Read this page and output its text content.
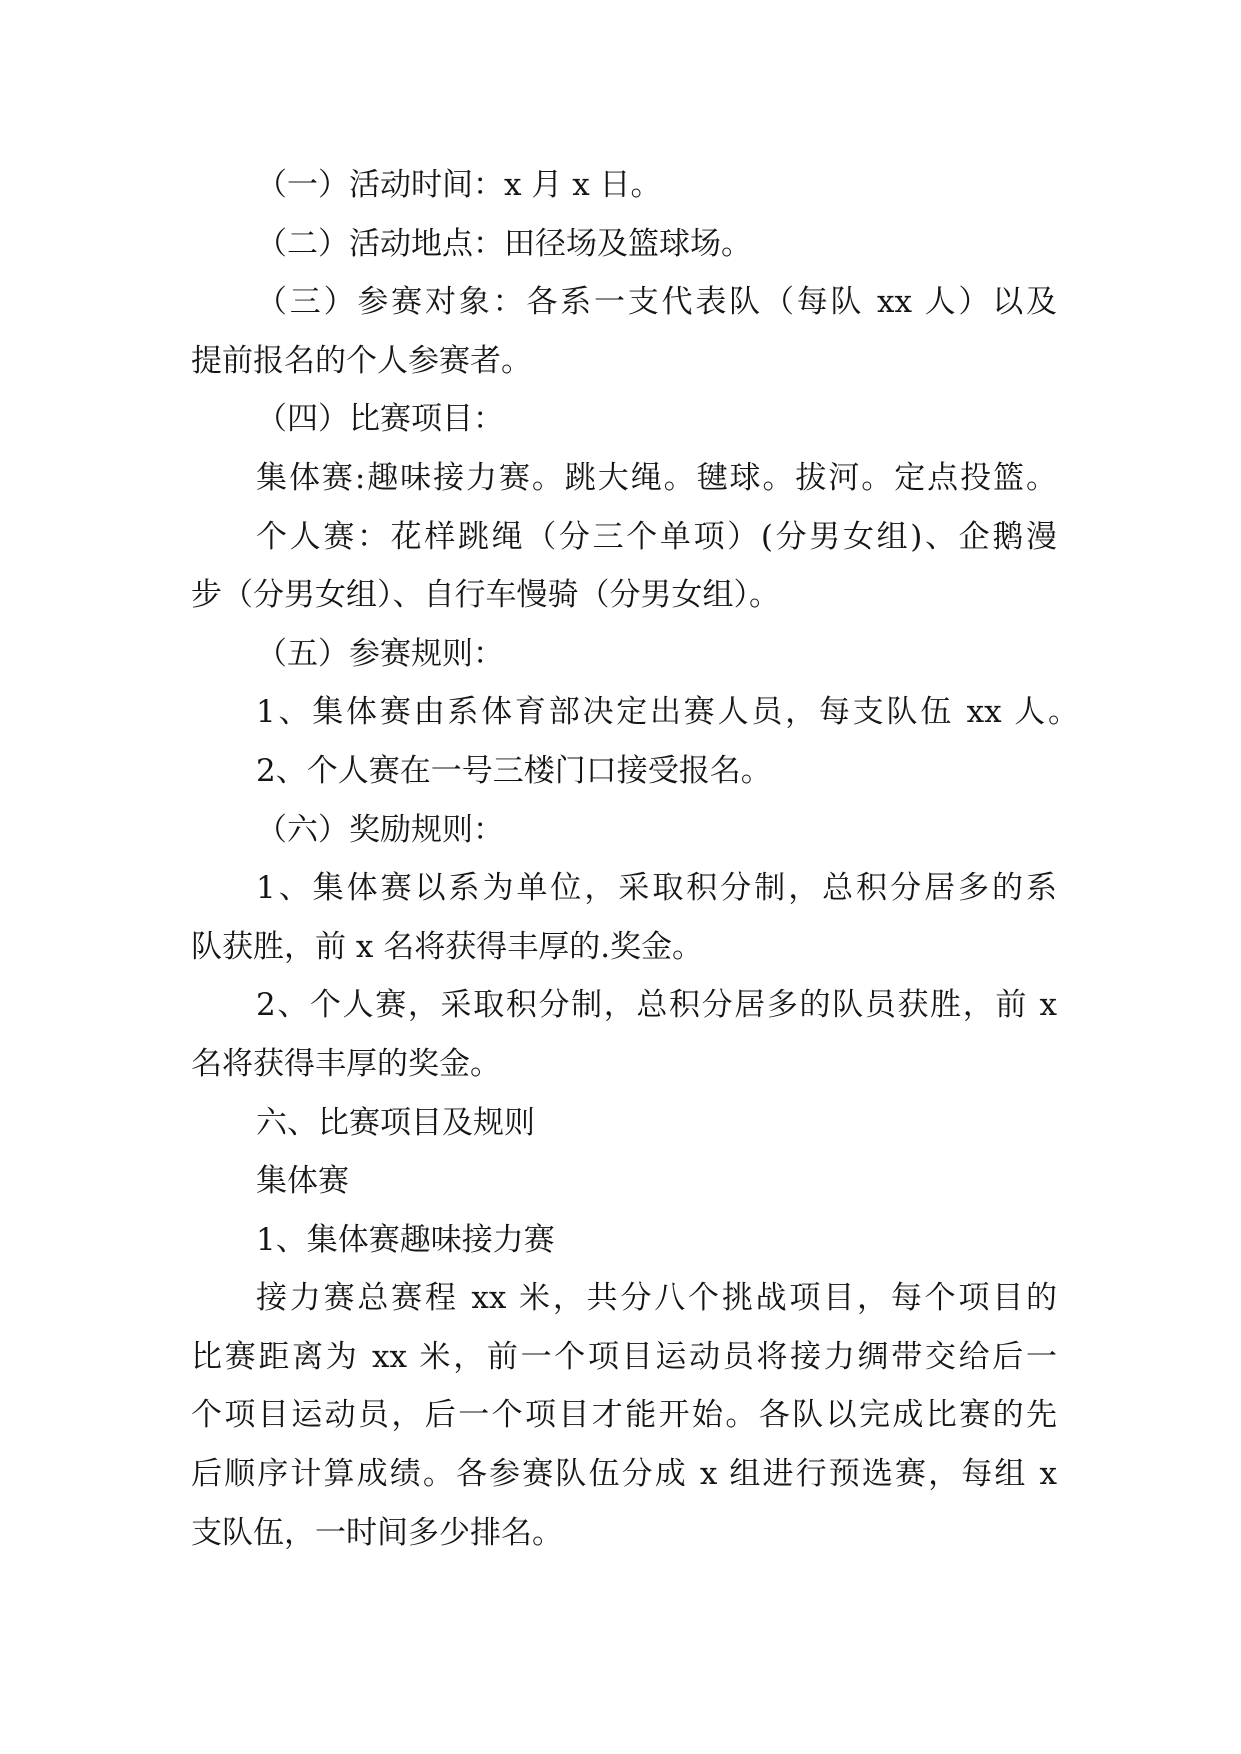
（一）活动时间：x 月 x 日。
（二）活动地点：田径场及篮球场。
（三）参赛对象：各系一支代表队（每队 xx 人）以及
提前报名的个人参赛者。
（四）比赛项目：
集体赛:趣味接力赛。跳大绳。毽球。拔河。定点投篮。
个人赛：花样跳绳（分三个单项）(分男女组)、企鹅漫
步（分男女组）、自行车慢骑（分男女组）。
（五）参赛规则：
1、集体赛由系体育部决定出赛人员，每支队伍 xx 人。
2、个人赛在一号三楼门口接受报名。
（六）奖励规则：
1、集体赛以系为单位，采取积分制，总积分居多的系
队获胜，前 x 名将获得丰厚的.奖金。
2、个人赛，采取积分制，总积分居多的队员获胜，前 x
名将获得丰厚的奖金。
六、比赛项目及规则
集体赛
1、集体赛趣味接力赛
接力赛总赛程 xx 米，共分八个挑战项目，每个项目的
比赛距离为 xx 米，前一个项目运动员将接力绸带交给后一
个项目运动员，后一个项目才能开始。各队以完成比赛的先
后顺序计算成绩。各参赛队伍分成 x 组进行预选赛，每组 x
支队伍，一时间多少排名。
